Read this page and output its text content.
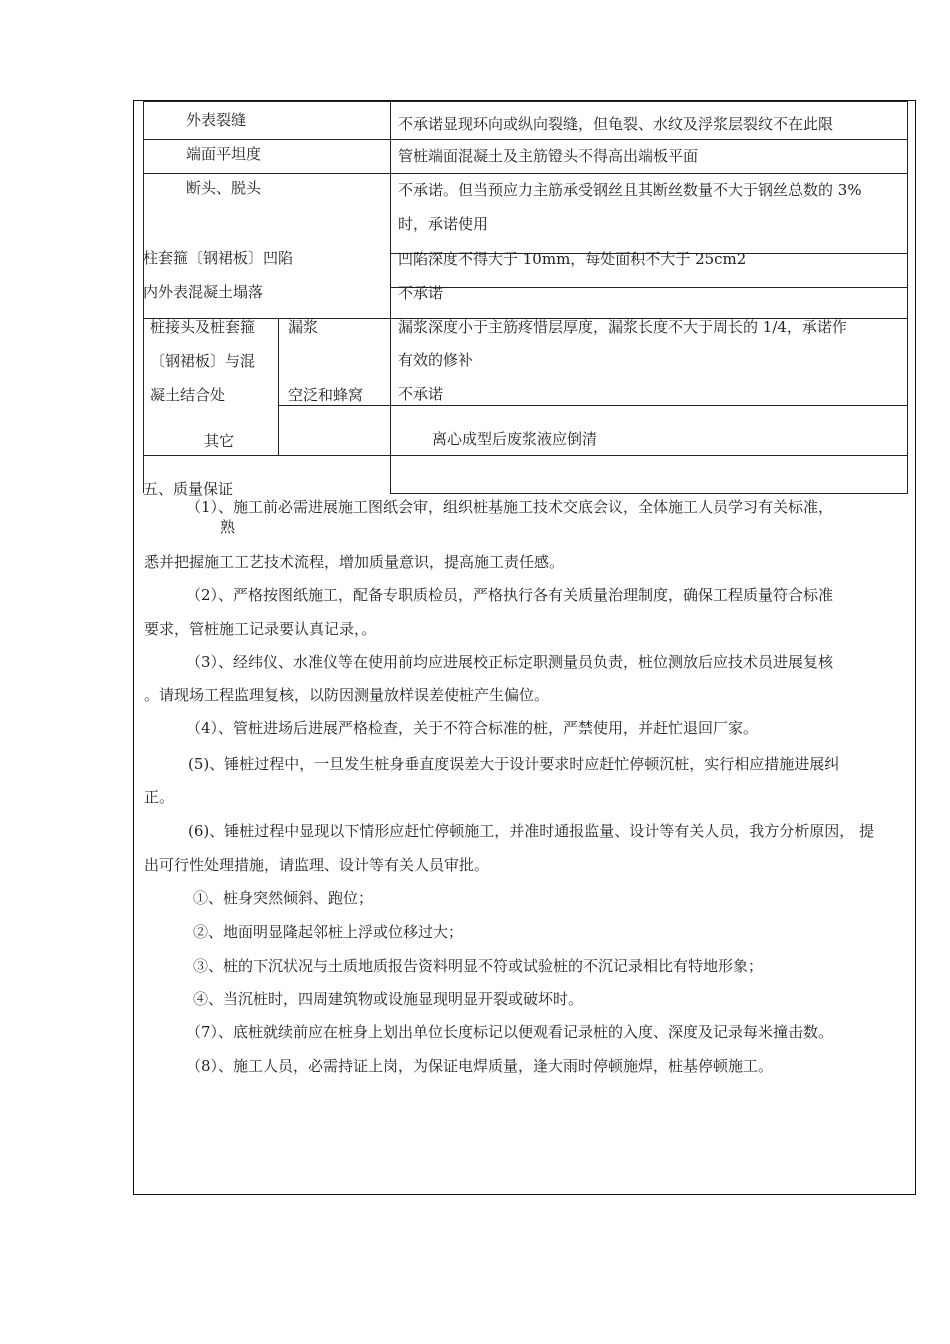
外表裂缝	不承诺显现环向或纵向裂缝，但龟裂、水纹及浮浆层裂纹不在此限
端面平坦度	管桩端面混凝土及主筋镫头不得高出端板平面
断头、脱头	不承诺。但当预应力主筋承受钢丝且其断丝数量不大于钢丝总数的 3%
时，承诺使用
柱套箍〔钢裙板〕凹陷	凹陷深度不得大于 10mm，每处面积不大于 25cm2
内外表混凝土塌落	不承诺
桩接头及桩套箍
〔钢裙板〕与混
凝土结合处
漏浆	漏浆深度小于主筋疼惜层厚度，漏浆长度不大于周长的 1/4，承诺作
有效的修补
空泛和蜂窝 不承诺
其它	离心成型后废浆液应倒清
五、质量保证
（1）、施工前必需进展施工图纸会审，组织桩基施工技术交底会议，全体施工人员学习有关标准，
熟
悉并把握施工工艺技术流程，增加质量意识，提高施工责任感。
（2）、严格按图纸施工，配备专职质检员，严格执行各有关质量治理制度，确保工程质量符合标准
要求，管桩施工记录要认真记录，。
（3）、经纬仪、水准仪等在使用前均应进展校正标定职测量员负责，桩位测放后应技术员进展复核
。请现场工程监理复核，以防因测量放样误差使桩产生偏位。
（4）、管桩进场后进展严格检查，关于不符合标准的桩，严禁使用，并赶忙退回厂家。
(5)、锤桩过程中，一旦发生桩身垂直度误差大于设计要求时应赶忙停顿沉桩，实行相应措施进展纠
正。
(6)、锤桩过程中显现以下情形应赶忙停顿施工，并准时通报监量、设计等有关人员，我方分析原因， 提
出可行性处理措施，请监理、设计等有关人员审批。
①、桩身突然倾斜、跑位；
②、地面明显隆起邻桩上浮或位移过大；
③、桩的下沉状况与土质地质报告资料明显不符或试验桩的不沉记录相比有特地形象；
④、当沉桩时，四周建筑物或设施显现明显开裂或破坏时。
（7）、底桩就续前应在桩身上划出单位长度标记以便观看记录桩的入度、深度及记录每米撞击数。
（8）、施工人员，必需持证上岗，为保证电焊质量，逢大雨时停顿施焊，桩基停顿施工。
